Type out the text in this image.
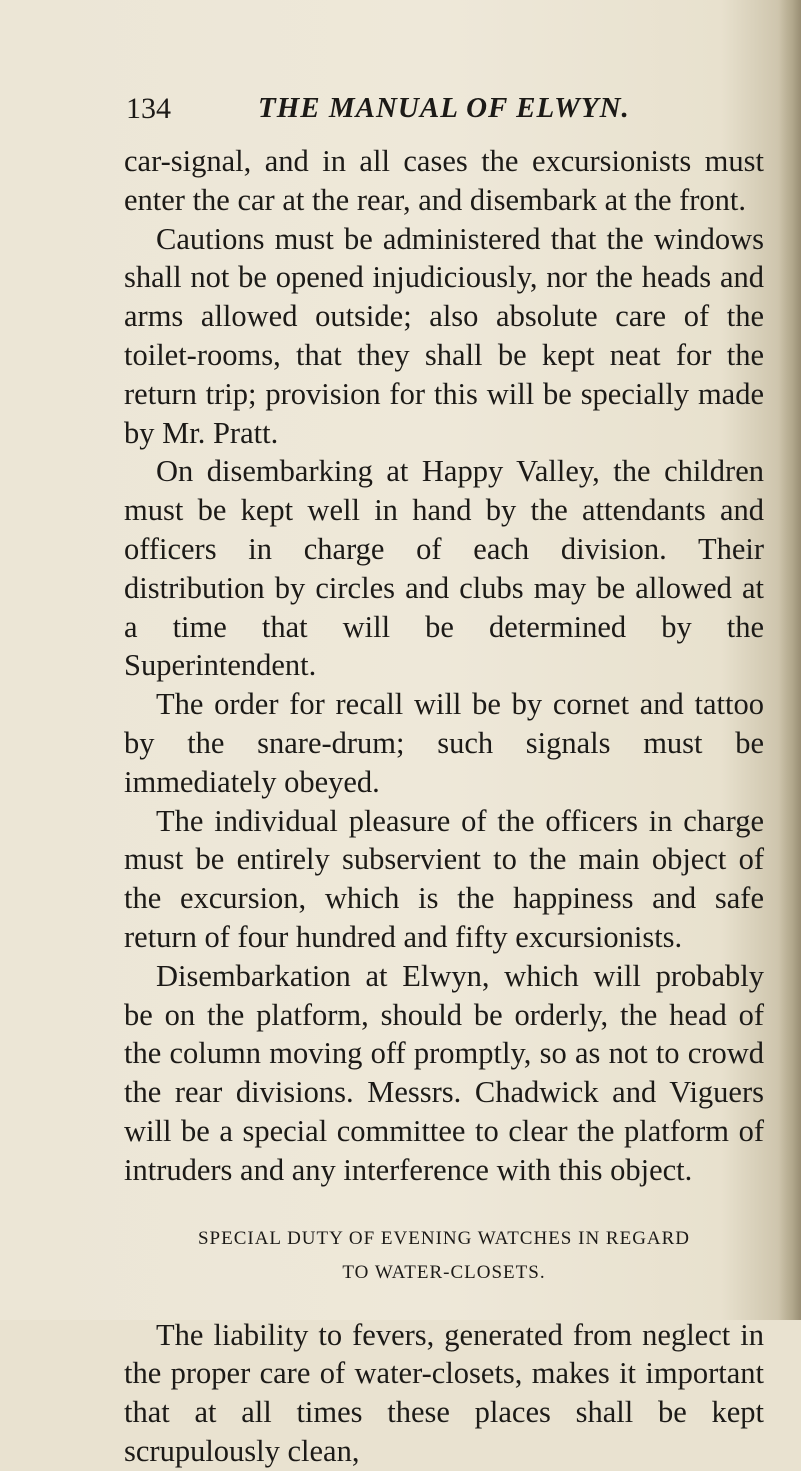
134	THE MANUAL OF ELWYN.

car-signal, and in all cases the excursionists must enter the car at the rear, and disembark at the front.

Cautions must be administered that the windows shall not be opened injudiciously, nor the heads and arms allowed outside; also absolute care of the toilet-rooms, that they shall be kept neat for the return trip; provision for this will be specially made by Mr. Pratt.

On disembarking at Happy Valley, the children must be kept well in hand by the attendants and officers in charge of each division. Their distribution by circles and clubs may be allowed at a time that will be determined by the Superintendent.

The order for recall will be by cornet and tattoo by the snare-drum; such signals must be immediately obeyed.

The individual pleasure of the officers in charge must be entirely subservient to the main object of the excursion, which is the happiness and safe return of four hundred and fifty excursionists.

Disembarkation at Elwyn, which will probably be on the platform, should be orderly, the head of the column moving off promptly, so as not to crowd the rear divisions. Messrs. Chadwick and Viguers will be a special committee to clear the platform of intruders and any interference with this object.

SPECIAL DUTY OF EVENING WATCHES IN REGARD
TO WATER-CLOSETS.

The liability to fevers, generated from neglect in the proper care of water-closets, makes it important that at all times these places shall be kept scrupulously clean,
